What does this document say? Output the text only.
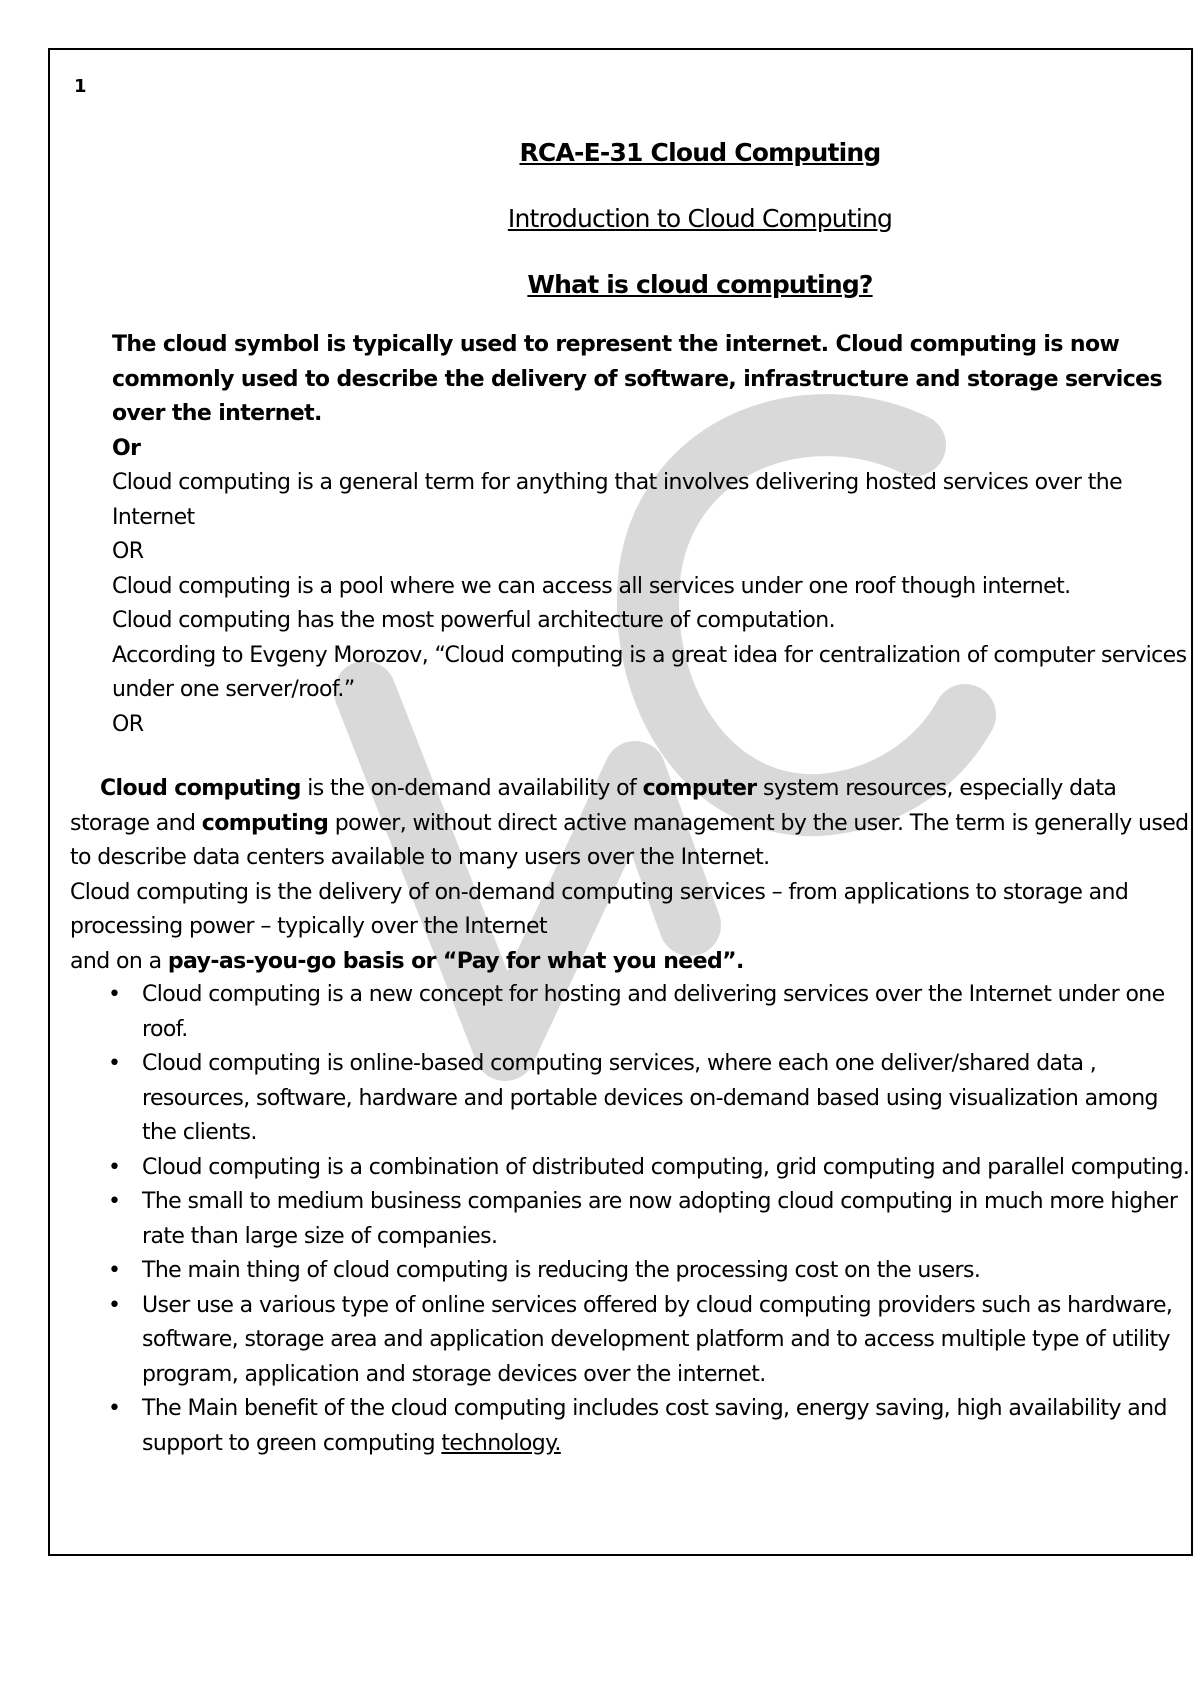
1
RCA-E-31 Cloud Computing
Introduction to Cloud Computing
What is cloud computing?

The cloud symbol is typically used to represent the internet. Cloud computing is now commonly used to describe the delivery of software, infrastructure and storage services over the internet.

Or

Cloud computing is a general term for anything that involves delivering hosted services over the Internet

OR

Cloud computing is a pool where we can access all services under one roof though internet.

Cloud computing has the most powerful architecture of computation.

According to Evgeny Morozov, “Cloud computing is a great idea for centralization of computer services under one server/roof.”

OR

Cloud computing is the on-demand availability of computer system resources, especially data storage and computing power, without direct active management by the user. The term is generally used to describe data centers available to many users over the Internet.

Cloud computing is the delivery of on-demand computing services – from applications to storage and processing power – typically over the Internet

and on a pay-as-you-go basis or “Pay for what you need”.

• Cloud computing is a new concept for hosting and delivering services over the Internet under one roof.
• Cloud computing is online-based computing services, where each one deliver/shared data , resources, software, hardware and portable devices on-demand based using visualization among the clients.
• Cloud computing is a combination of distributed computing, grid computing and parallel computing.
• The small to medium business companies are now adopting cloud computing in much more higher rate than large size of companies.
• The main thing of cloud computing is reducing the processing cost on the users.
• User use a various type of online services offered by cloud computing providers such as hardware, software, storage area and application development platform and to access multiple type of utility program, application and storage devices over the internet.
• The Main benefit of the cloud computing includes cost saving, energy saving, high availability and support to green computing technology.
